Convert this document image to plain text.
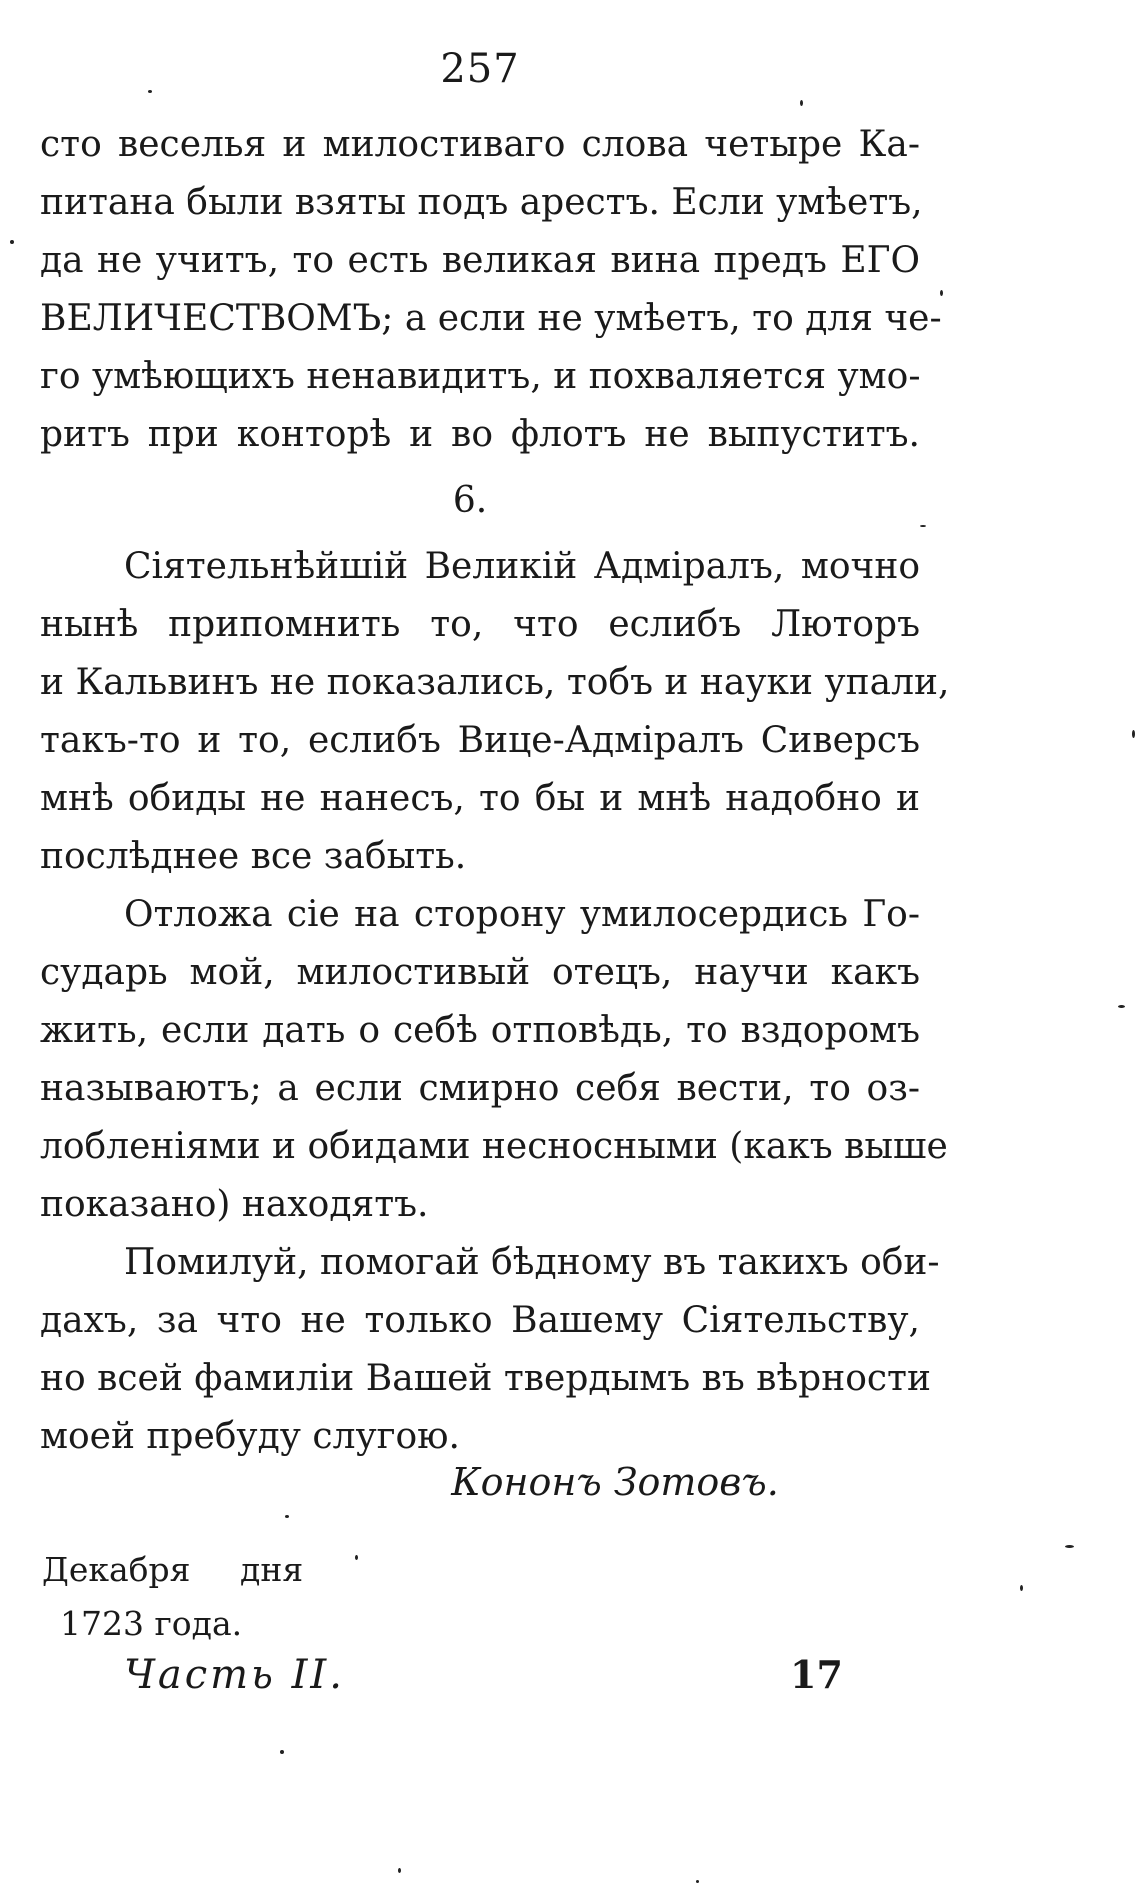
257
сто веселья и милостиваго слова четыре Ка-
питана были взяты подъ арестъ. Если умѣетъ,
да не учитъ, то есть великая вина предъ ЕГО
ВЕЛИЧЕСТВОМЪ; а если не умѣетъ, то для че-
го умѣющихъ ненавидитъ, и похваляется умо-
ритъ при конторѣ и во флотъ не выпуститъ.
6.
Сіятельнѣйшій Великій Адміралъ, мочно
нынѣ припомнить то, что еслибъ Люторъ
и Кальвинъ не показались, тобъ и науки упали,
такъ-то и то, еслибъ Вице-Адміралъ Сиверсъ
мнѣ обиды не нанесъ, то бы и мнѣ надобно и
послѣднее все забыть.
Отложа сіе на сторону умилосердись Го-
сударь мой, милостивый отецъ, научи какъ
жить, если дать о себѣ отповѣдь, то вздоромъ
называютъ; а если смирно себя вести, то оз-
лобленіями и обидами несносными (какъ выше
показано) находятъ.
Помилуй, помогай бѣдному въ такихъ оби-
дахъ, за что не только Вашему Сіятельству,
но всей фамиліи Вашей твердымъ въ вѣрности
моей пребуду слугою.
Кононъ Зотовъ.
Декабря дня
1723 года.
Часть II.	17
